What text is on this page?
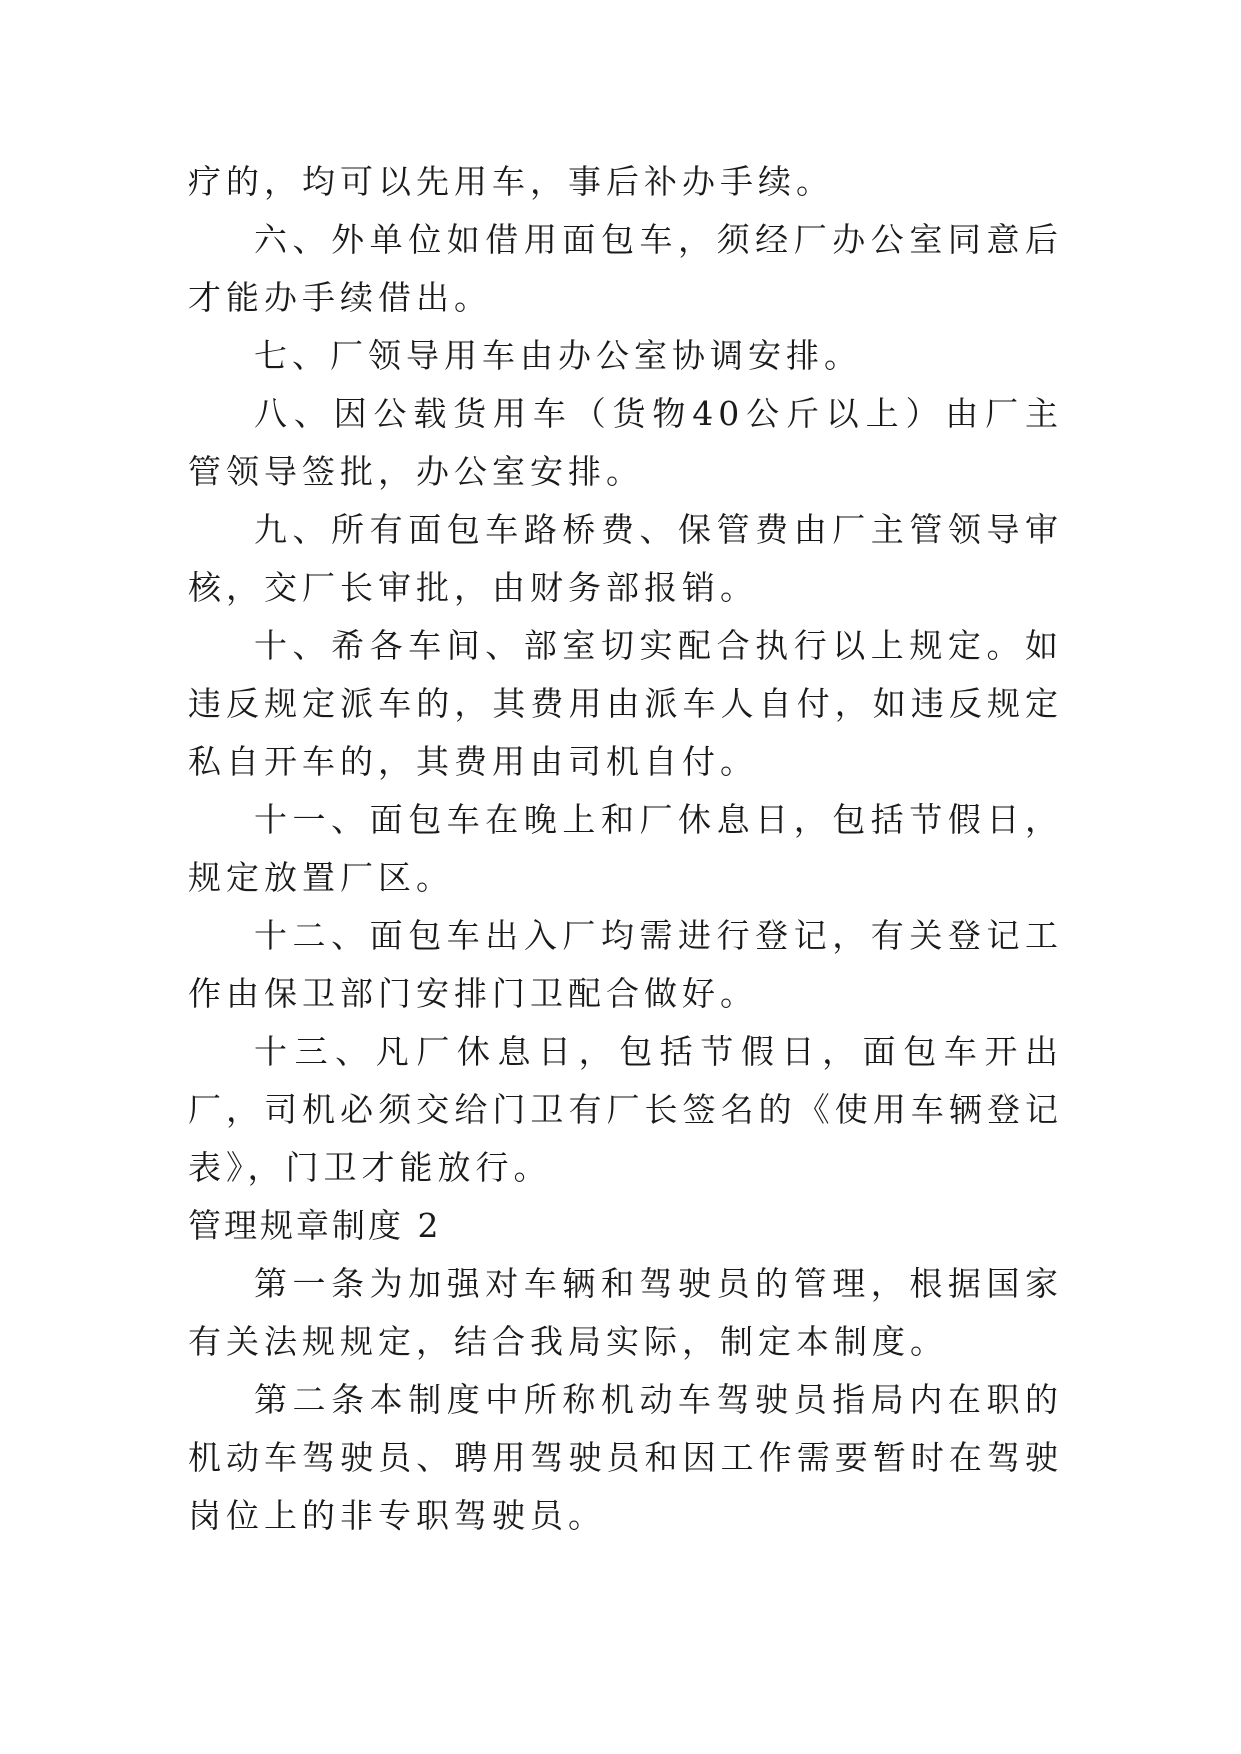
疗的，均可以先用车，事后补办手续。

六、外单位如借用面包车，须经厂办公室同意后才能办手续借出。

七、厂领导用车由办公室协调安排。

八、因公载货用车（货物40公斤以上）由厂主管领导签批，办公室安排。

九、所有面包车路桥费、保管费由厂主管领导审核，交厂长审批，由财务部报销。

十、希各车间、部室切实配合执行以上规定。如违反规定派车的，其费用由派车人自付，如违反规定私自开车的，其费用由司机自付。

十一、面包车在晚上和厂休息日，包括节假日，规定放置厂区。

十二、面包车出入厂均需进行登记，有关登记工作由保卫部门安排门卫配合做好。

十三、凡厂休息日，包括节假日，面包车开出厂，司机必须交给门卫有厂长签名的《使用车辆登记表》，门卫才能放行。

管理规章制度 2

第一条为加强对车辆和驾驶员的管理，根据国家有关法规规定，结合我局实际，制定本制度。

第二条本制度中所称机动车驾驶员指局内在职的机动车驾驶员、聘用驾驶员和因工作需要暂时在驾驶岗位上的非专职驾驶员。
